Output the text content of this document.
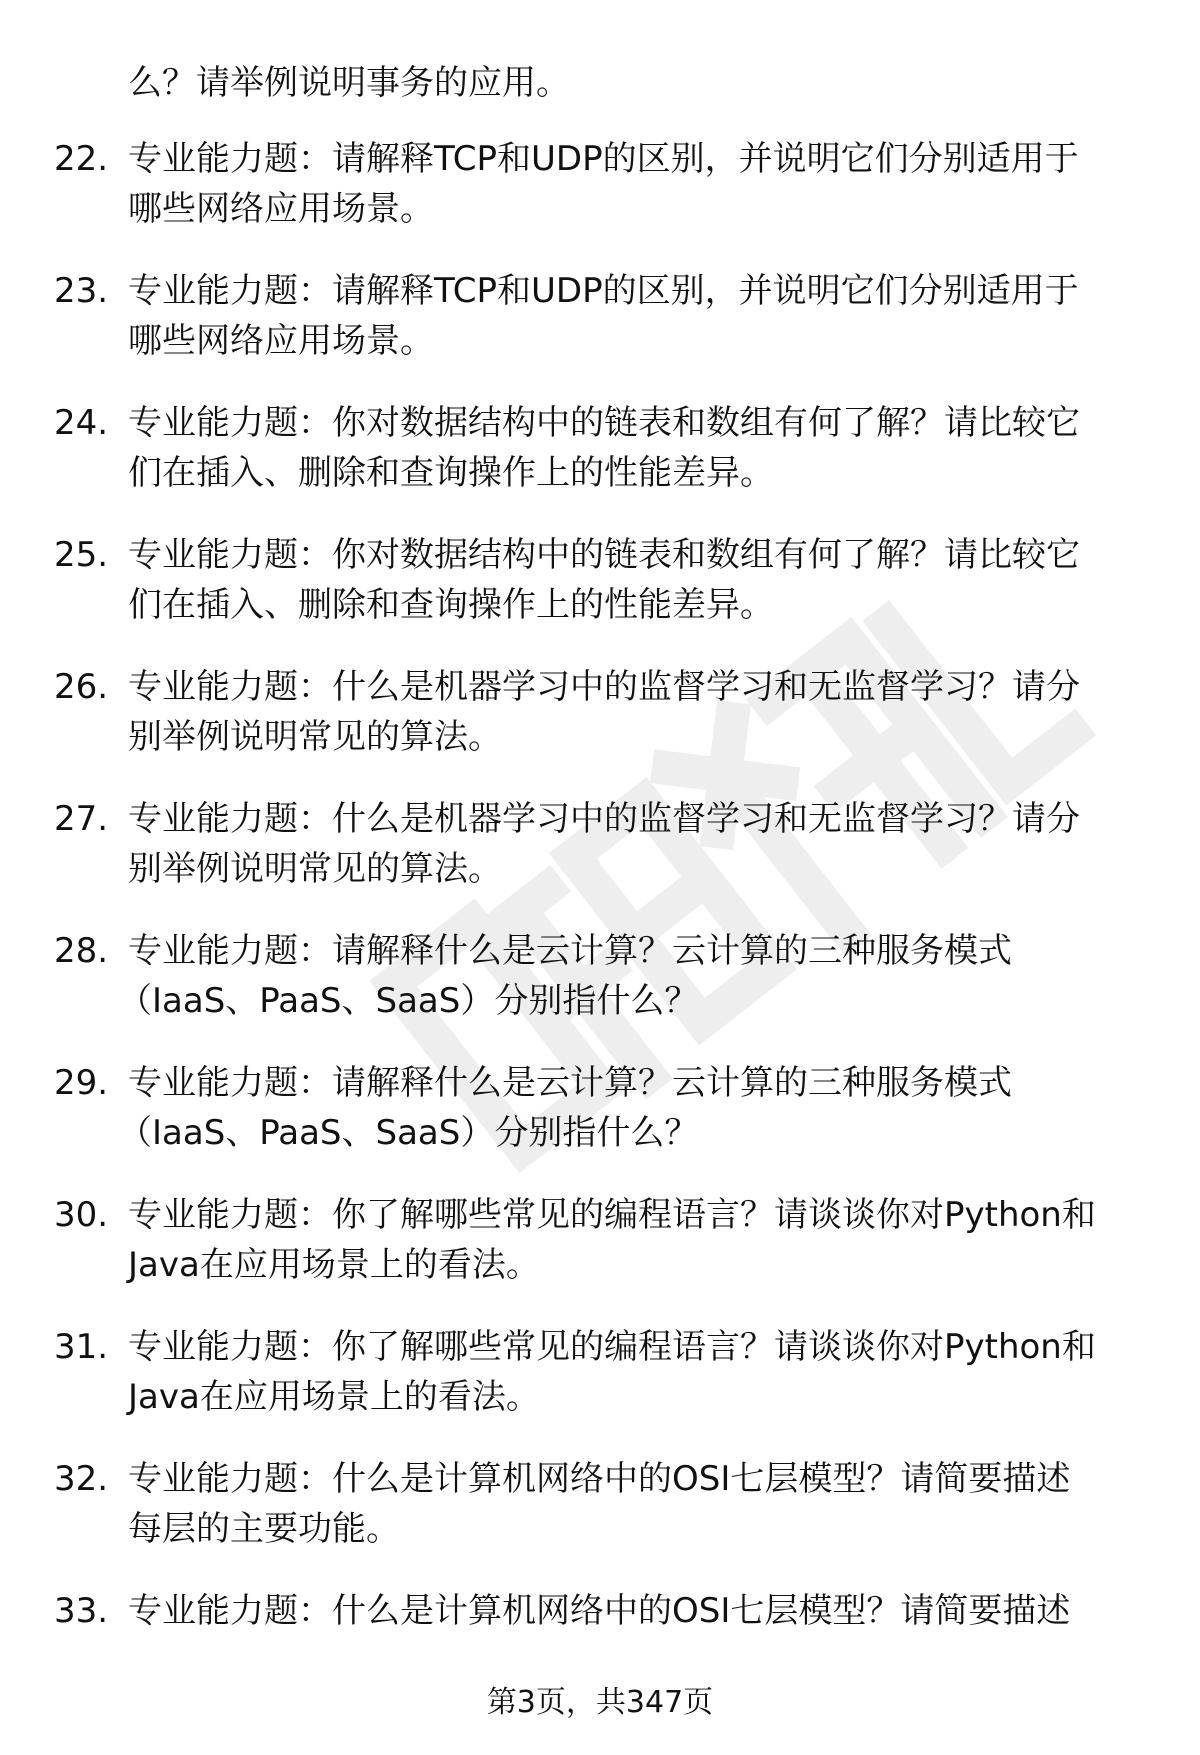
么？请举例说明事务的应用。
22. 专业能力题：请解释TCP和UDP的区别，并说明它们分别适用于
哪些网络应用场景。
23. 专业能力题：请解释TCP和UDP的区别，并说明它们分别适用于
哪些网络应用场景。
24. 专业能力题：你对数据结构中的链表和数组有何了解？请比较它
们在插入、删除和查询操作上的性能差异。
25. 专业能力题：你对数据结构中的链表和数组有何了解？请比较它
们在插入、删除和查询操作上的性能差异。
26. 专业能力题：什么是机器学习中的监督学习和无监督学习？请分
别举例说明常见的算法。
27. 专业能力题：什么是机器学习中的监督学习和无监督学习？请分
别举例说明常见的算法。
28. 专业能力题：请解释什么是云计算？云计算的三种服务模式
（IaaS、PaaS、SaaS）分别指什么？
29. 专业能力题：请解释什么是云计算？云计算的三种服务模式
（IaaS、PaaS、SaaS）分别指什么？
30. 专业能力题：你了解哪些常见的编程语言？请谈谈你对Python和
Java在应用场景上的看法。
31. 专业能力题：你了解哪些常见的编程语言？请谈谈你对Python和
Java在应用场景上的看法。
32. 专业能力题：什么是计算机网络中的OSI七层模型？请简要描述
每层的主要功能。
33. 专业能力题：什么是计算机网络中的OSI七层模型？请简要描述
第3页，共347页
